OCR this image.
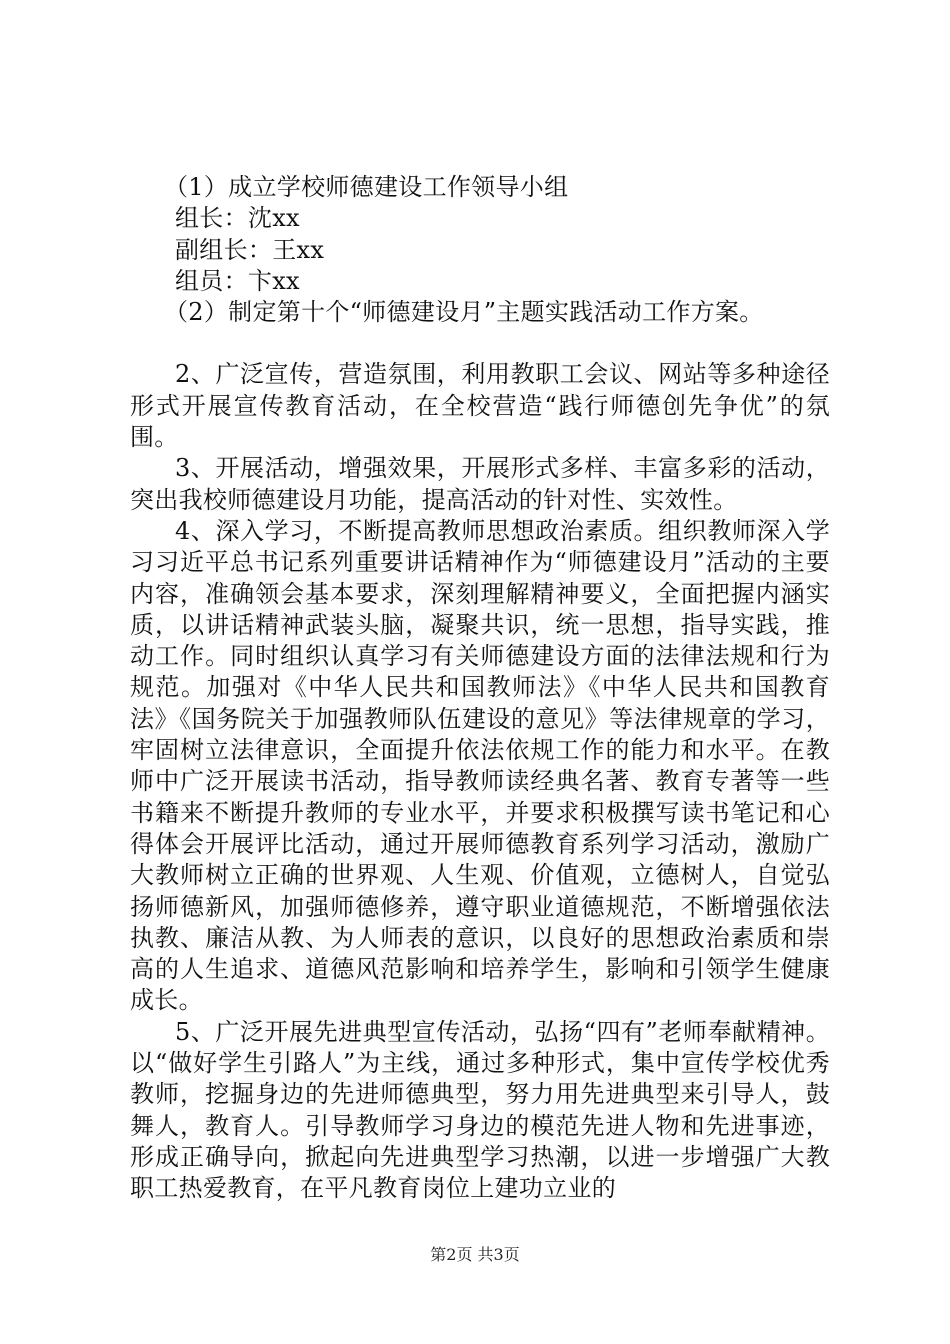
（1）成立学校师德建设工作领导小组
组长：沈xx
副组长：王xx
组员：卞xx
（2）制定第十个“师德建设月”主题实践活动工作方案。

2、广泛宣传，营造氛围，利用教职工会议、网站等多种途径形式开展宣传教育活动，在全校营造“践行师德创先争优”的氛围。

3、开展活动，增强效果，开展形式多样、丰富多彩的活动，突出我校师德建设月功能，提高活动的针对性、实效性。

4、深入学习，不断提高教师思想政治素质。组织教师深入学习习近平总书记系列重要讲话精神作为“师德建设月”活动的主要内容，准确领会基本要求，深刻理解精神要义，全面把握内涵实质，以讲话精神武装头脑，凝聚共识，统一思想，指导实践，推动工作。同时组织认真学习有关师德建设方面的法律法规和行为规范。加强对《中华人民共和国教师法》《中华人民共和国教育法》《国务院关于加强教师队伍建设的意见》等法律规章的学习，牢固树立法律意识，全面提升依法依规工作的能力和水平。在教师中广泛开展读书活动，指导教师读经典名著、教育专著等一些书籍来不断提升教师的专业水平，并要求积极撰写读书笔记和心得体会开展评比活动，通过开展师德教育系列学习活动，激励广大教师树立正确的世界观、人生观、价值观，立德树人，自觉弘扬师德新风，加强师德修养，遵守职业道德规范，不断增强依法执教、廉洁从教、为人师表的意识，以良好的思想政治素质和崇高的人生追求、道德风范影响和培养学生，影响和引领学生健康成长。

5、广泛开展先进典型宣传活动，弘扬“四有”老师奉献精神。以“做好学生引路人”为主线，通过多种形式，集中宣传学校优秀教师，挖掘身边的先进师德典型，努力用先进典型来引导人，鼓舞人，教育人。引导教师学习身边的模范先进人物和先进事迹，形成正确导向，掀起向先进典型学习热潮，以进一步增强广大教职工热爱教育，在平凡教育岗位上建功立业的

第2页 共3页
